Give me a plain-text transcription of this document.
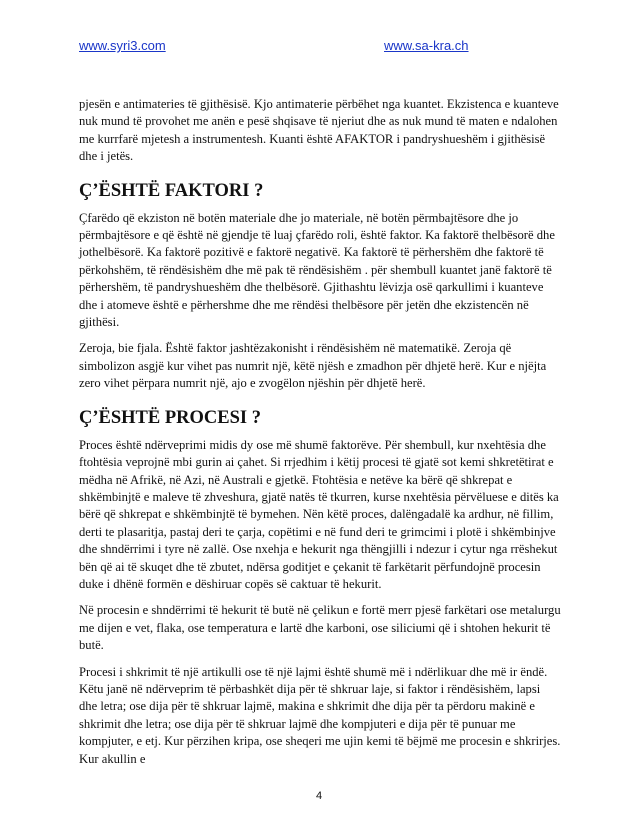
www.syri3.com	www.sa-kra.ch

pjesën e antimateries të gjithësisë. Kjo antimaterie përbëhet nga kuantet. Ekzistenca e kuanteve nuk mund të provohet me anën e pesë shqisave të njeriut dhe as nuk mund të maten e ndalohen me kurrfarë mjetesh a instrumentesh. Kuanti është AFAKTOR i pandryshueshëm i gjithësisë dhe i jetës.

Ç’ËSHTË FAKTORI ?

Çfarëdo që ekziston në botën materiale dhe jo materiale, në botën përmbajtësore dhe jo përmbajtësore e që është në gjendje të luaj çfarëdo roli, është faktor. Ka faktorë thelbësorë dhe jothelbësorë. Ka faktorë pozitivë e faktorë negativë. Ka faktorë të përhershëm dhe faktorë të përkohshëm, të rëndësishëm dhe më pak të rëndësishëm . për shembull kuantet janë faktorë të përhershëm, të pandryshueshëm dhe thelbësorë. Gjithashtu lëvizja osë qarkullimi i kuanteve dhe i atomeve është e përhershme dhe me rëndësi thelbësore për jetën dhe ekzistencën në gjithësi.

Zeroja, bie fjala. Është faktor jashtëzakonisht i rëndësishëm në matematikë. Zeroja që simbolizon asgjë kur vihet pas numrit një, këtë njësh e zmadhon për dhjetë herë. Kur e njëjta zero vihet përpara numrit një, ajo e zvogëlon njëshin për dhjetë herë.

Ç’ËSHTË PROCESI ?

Proces është ndërveprimi midis dy ose më shumë faktorëve. Për shembull, kur nxehtësia dhe ftohtësia veprojnë mbi gurin ai çahet. Si rrjedhim i këtij procesi të gjatë sot kemi shkretëtirat e mëdha në Afrikë, në Azi, në Australi e gjetkë. Ftohtësia e netëve ka bërë që shkrepat e shkëmbinjtë e maleve të zhveshura, gjatë natës të tkurren, kurse nxehtësia përvëluese e ditës ka bërë që shkrepat e shkëmbinjtë të bymehen. Nën këtë proces, dalëngadalë ka ardhur, në fillim, derti te plasaritja, pastaj deri te çarja, copëtimi e në fund deri te grimcimi i plotë i shkëmbinjve dhe shndërrimi i tyre në zallë. Ose nxehja e hekurit nga thëngjilli i ndezur i cytur nga rrëshekut bën që ai të skuqet dhe të zbutet, ndërsa goditjet e çekanit të farkëtarit përfundojnë procesin duke i dhënë formën e dëshiruar copës së caktuar të hekurit.

Në procesin e shndërrimi të hekurit të butë në çelikun e fortë merr pjesë farkëtari ose metalurgu me dijen e vet, flaka, ose temperatura e lartë dhe karboni, ose siliciumi që i shtohen hekurit të butë.

Procesi i shkrimit të një artikulli ose të një lajmi është shumë më i ndërlikuar dhe më ir ëndë. Këtu janë në ndërveprim të përbashkët dija për të shkruar laje, si faktor i rëndësishëm, lapsi dhe letra; ose dija për të shkruar lajmë, makina e shkrimit dhe dija për ta përdoru makinë e shkrimit dhe letra; ose dija për të shkruar lajmë dhe kompjuteri e dija për të punuar me kompjuter, e etj. Kur përzihen kripa, ose sheqeri me ujin kemi të bëjmë me procesin e shkrirjes. Kur akullin e

4
